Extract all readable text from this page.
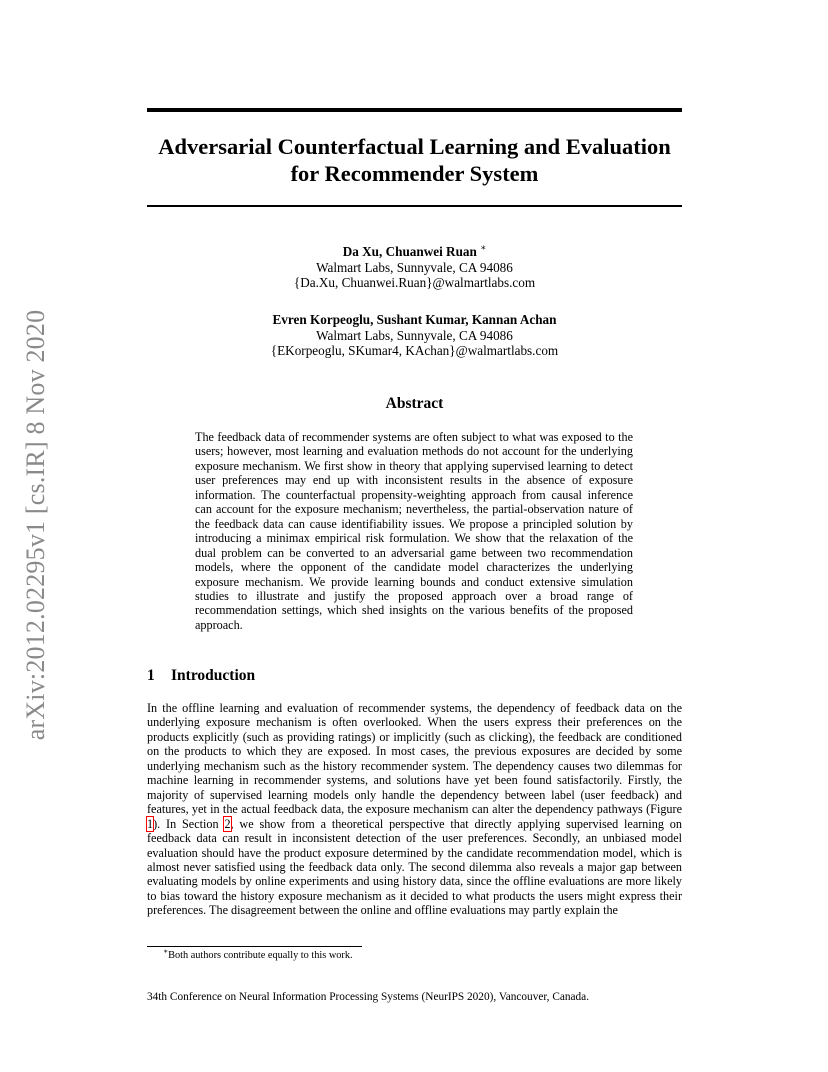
arXiv:2012.02295v1 [cs.IR] 8 Nov 2020
Adversarial Counterfactual Learning and Evaluation
for Recommender System
Da Xu, Chuanwei Ruan ∗
Walmart Labs, Sunnyvale, CA 94086
{Da.Xu, Chuanwei.Ruan}@walmartlabs.com
Evren Korpeoglu, Sushant Kumar, Kannan Achan
Walmart Labs, Sunnyvale, CA 94086
{EKorpeoglu, SKumar4, KAchan}@walmartlabs.com
Abstract

The feedback data of recommender systems are often subject to what was exposed to the users; however, most learning and evaluation methods do not account for the underlying exposure mechanism. We first show in theory that applying supervised learning to detect user preferences may end up with inconsistent results in the absence of exposure information. The counterfactual propensity-weighting approach from causal inference can account for the exposure mechanism; nevertheless, the partial-observation nature of the feedback data can cause identifiability issues. We propose a principled solution by introducing a minimax empirical risk formulation. We show that the relaxation of the dual problem can be converted to an adversarial game between two recommendation models, where the opponent of the candidate model characterizes the underlying exposure mechanism. We provide learning bounds and conduct extensive simulation studies to illustrate and justify the proposed approach over a broad range of recommendation settings, which shed insights on the various benefits of the proposed approach.

1 Introduction

In the offline learning and evaluation of recommender systems, the dependency of feedback data on the underlying exposure mechanism is often overlooked. When the users express their preferences on the products explicitly (such as providing ratings) or implicitly (such as clicking), the feedback are conditioned on the products to which they are exposed. In most cases, the previous exposures are decided by some underlying mechanism such as the history recommender system. The dependency causes two dilemmas for machine learning in recommender systems, and solutions have yet been found satisfactorily. Firstly, the majority of supervised learning models only handle the dependency between label (user feedback) and features, yet in the actual feedback data, the exposure mechanism can alter the dependency pathways (Figure 1). In Section 2, we show from a theoretical perspective that directly applying supervised learning on feedback data can result in inconsistent detection of the user preferences. Secondly, an unbiased model evaluation should have the product exposure determined by the candidate recommendation model, which is almost never satisfied using the feedback data only. The second dilemma also reveals a major gap between evaluating models by online experiments and using history data, since the offline evaluations are more likely to bias toward the history exposure mechanism as it decided to what products the users might express their preferences. The disagreement between the online and offline evaluations may partly explain the

∗Both authors contribute equally to this work.
34th Conference on Neural Information Processing Systems (NeurIPS 2020), Vancouver, Canada.
